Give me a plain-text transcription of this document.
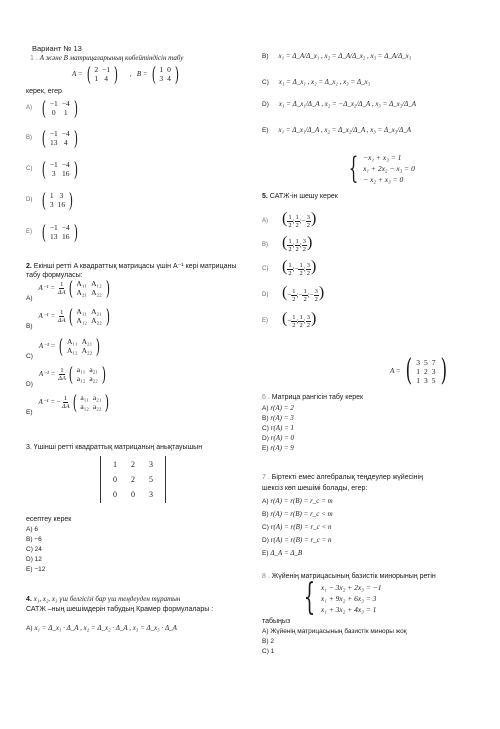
Вариант № 13
1 . A және B матрицаларының көбейтіндісін табу
A = ( 2	−1
1	4 ) ,   B = ( 1	0
3	4 )
керек, егер
A) ( −1	−4
0	1 )
B) ( −1	−4
13	4 )
C) ( −1	−4
3	16 )
D) ( 1	3
3	16 )
E) ( −1	−4
13	16 )
2. Екінші ретті A квадраттық матрицасы үшін A⁻¹ кері матрицаны табу формуласы:
$A)A^{-1} = \frac{1}{\Delta A}$ ( A₁₁	A₁₂
A₂₁	A₂₂ )
$B)A^{-1} = \frac{1}{\Delta A}$ ( A₁₁	A₂₁
A₁₂	A₂₂ )
C)A⁻¹ = ( A₁₁	A₂₁
A₁₂	A₂₂ )
$D)A^{-1} = \frac{1}{\Delta A}$ ( a₁₁	a₂₁
a₁₂	a₂₂ )
E)A⁻¹ = − $\frac{1}{\Delta A}$ ( a₁₁	a₂₁
a₁₂	a₂₂ )
3. Үшінші ретті квадраттық матрицаның анықтауышын
1	2	3
0	2	5
0	0	3
есептеу керек
A) 6
B) −6
C) 24
D) 12
E) −12
4. x₁, x₂, x₃ үш белгісізі бар үш теңдеуден тұратын
САТЖ –ның шешімдерін табудың Крамер формулалары :
A) x₁ = Δ_x₁ · Δ_A , x₂ = Δ_x₂ · Δ_A , x₃ = Δ_x₃ · Δ_A
B) x₁ = Δ_A/Δ_x₁ , x₂ = Δ_A/Δ_x₂ , x₃ = Δ_A/Δ_x₃
C) x₁ = Δ_x₁ , x₂ = Δ_x₂ , x₃ = Δ_x₃
D) x₁ = Δ_x₁/Δ_A , x₂ = −Δ_x₂/Δ_A , x₃ = Δ_x₃/Δ_A
E) x₁ = Δ_x₁/Δ_A , x₂ = Δ_x₂/Δ_A , x₃ = Δ_x₃/Δ_A
{ −x₁ + x₃ = 1
x₁ + 2x₂ − x₃ = 0
− x₂ + x₃ = 0
5. САТЖ-ін шешу керек
A) ( $\frac{1}{2}$ ; $\frac{1}{2}$ ;− $\frac{3}{2}$ )
B) ( $\frac{1}{2}$ ; $\frac{1}{2}$ ; $\frac{3}{2}$ )
C) ( $\frac{1}{2}$ ;− $\frac{1}{2}$ ; $\frac{3}{2}$ )
D) (− $\frac{1}{2}$ ;− $\frac{1}{2}$ ;− $\frac{3}{2}$ )
E) (− $\frac{1}{2}$ ; $\frac{1}{2}$ ; $\frac{3}{2}$ )
A = ( 3	5	7
1	2	3
1	3	5 )
6 . Матрица рангісін табу керек
A) r(A) = 2
B) r(A) = 3
C) r(A) = 1
D) r(A) = 0
E) r(A) = 9
7 . Біртекті емес алгебралық теңдеулер жүйесінің
шексіз көп шешімі болады, егер:
A) r(A) = r(B) = r_c = m
B) r(A) = r(B) = r_c < m
C) r(A) = r(B) = r_c < n
D) r(A) = r(B) = r_c = n
E) Δ_A = Δ_B
8 . Жүйенің матрицасының базистік минорының ретін
{ x₁ − 3x₂ + 2x₃ = −1
x₁ + 9x₂ + 6x₃ = 3
x₁ + 3x₂ + 4x₃ = 1
табыңыз
A) Жүйенің матрицасының базистік миноры жоқ
B) 2
C) 1
